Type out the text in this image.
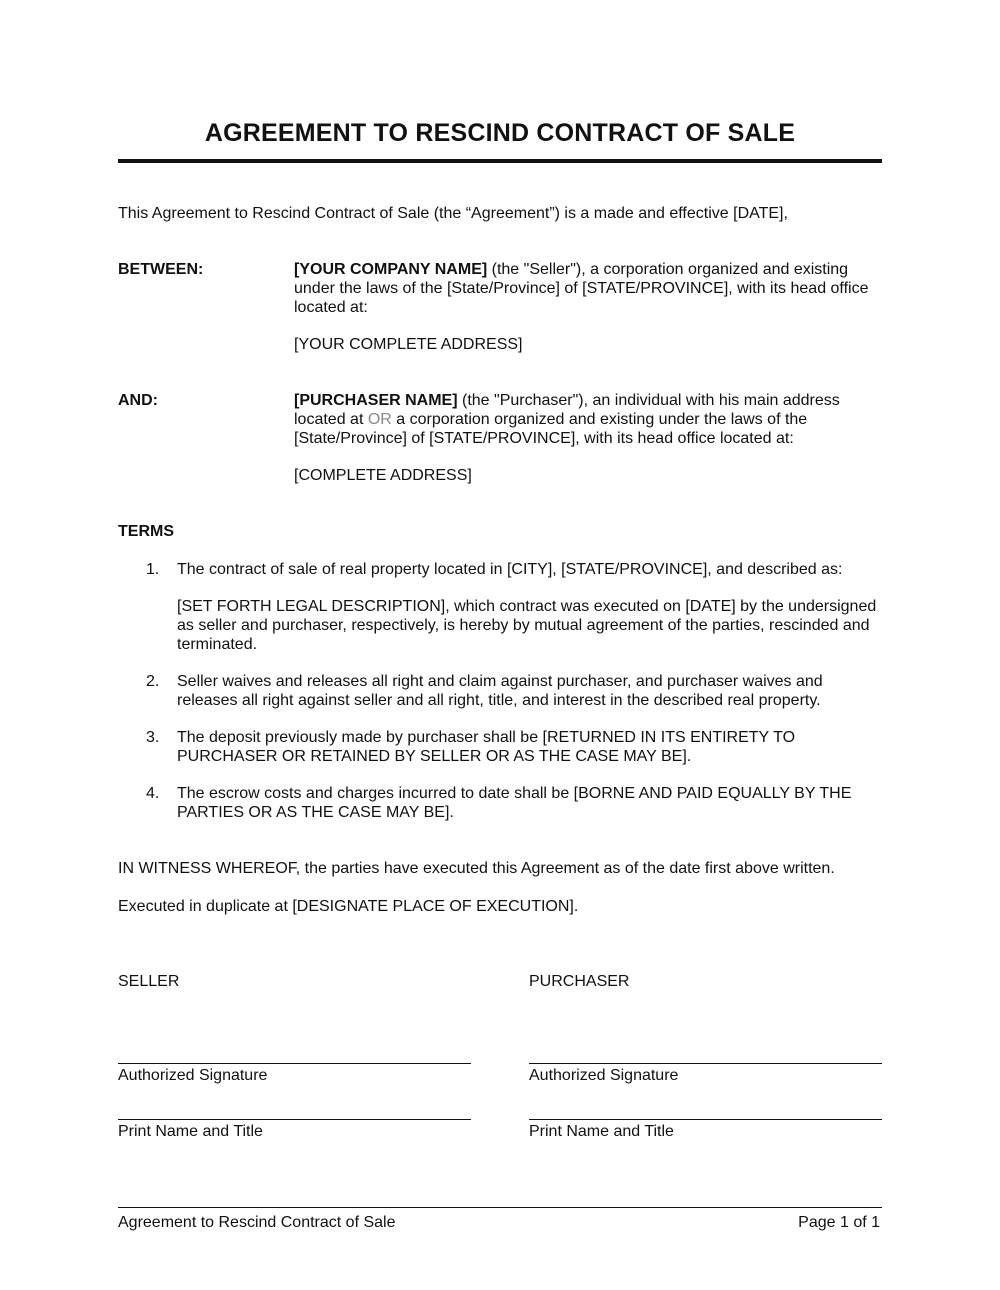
AGREEMENT TO RESCIND CONTRACT OF SALE
This Agreement to Rescind Contract of Sale (the “Agreement”) is a made and effective [DATE],
BETWEEN:	[YOUR COMPANY NAME] (the "Seller"), a corporation organized and existing under the laws of the [State/Province] of [STATE/PROVINCE], with its head office located at:
[YOUR COMPLETE ADDRESS]
AND:	[PURCHASER NAME] (the "Purchaser"), an individual with his main address located at OR a corporation organized and existing under the laws of the [State/Province] of [STATE/PROVINCE], with its head office located at:
[COMPLETE ADDRESS]
TERMS
1.	The contract of sale of real property located in [CITY], [STATE/PROVINCE], and described as:
[SET FORTH LEGAL DESCRIPTION], which contract was executed on [DATE] by the undersigned as seller and purchaser, respectively, is hereby by mutual agreement of the parties, rescinded and terminated.
2.	Seller waives and releases all right and claim against purchaser, and purchaser waives and releases all right against seller and all right, title, and interest in the described real property.
3.	The deposit previously made by purchaser shall be [RETURNED IN ITS ENTIRETY TO PURCHASER OR RETAINED BY SELLER OR AS THE CASE MAY BE].
4.	The escrow costs and charges incurred to date shall be [BORNE AND PAID EQUALLY BY THE PARTIES OR AS THE CASE MAY BE].
IN WITNESS WHEREOF, the parties have executed this Agreement as of the date first above written.
Executed in duplicate at [DESIGNATE PLACE OF EXECUTION].
SELLER	PURCHASER
Authorized Signature	Authorized Signature
Print Name and Title	Print Name and Title
Agreement to Rescind Contract of Sale	Page 1 of 1
